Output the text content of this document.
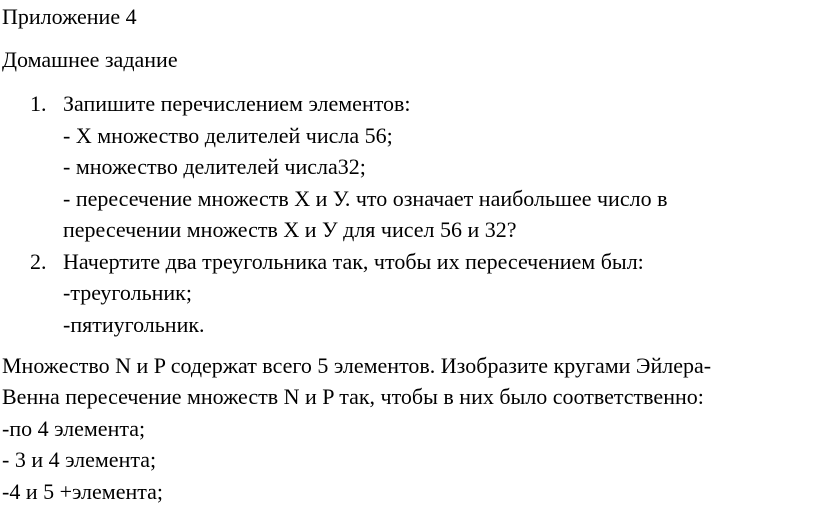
Приложение 4
Домашнее задание
1. Запишите перечислением элементов:
- Х множество делителей числа 56;
- множество делителей числа32;
- пересечение множеств Х и У. что означает наибольшее число в
пересечении множеств Х и У для чисел 56 и 32?
2. Начертите два треугольника так, чтобы их пересечением был:
-треугольник;
-пятиугольник.
Множество N и P содержат всего 5 элементов. Изобразите кругами Эйлера-
Венна пересечение множеств N и P так, чтобы в них было соответственно:
-по 4 элемента;
- 3 и 4 элемента;
-4 и 5 +элемента;
